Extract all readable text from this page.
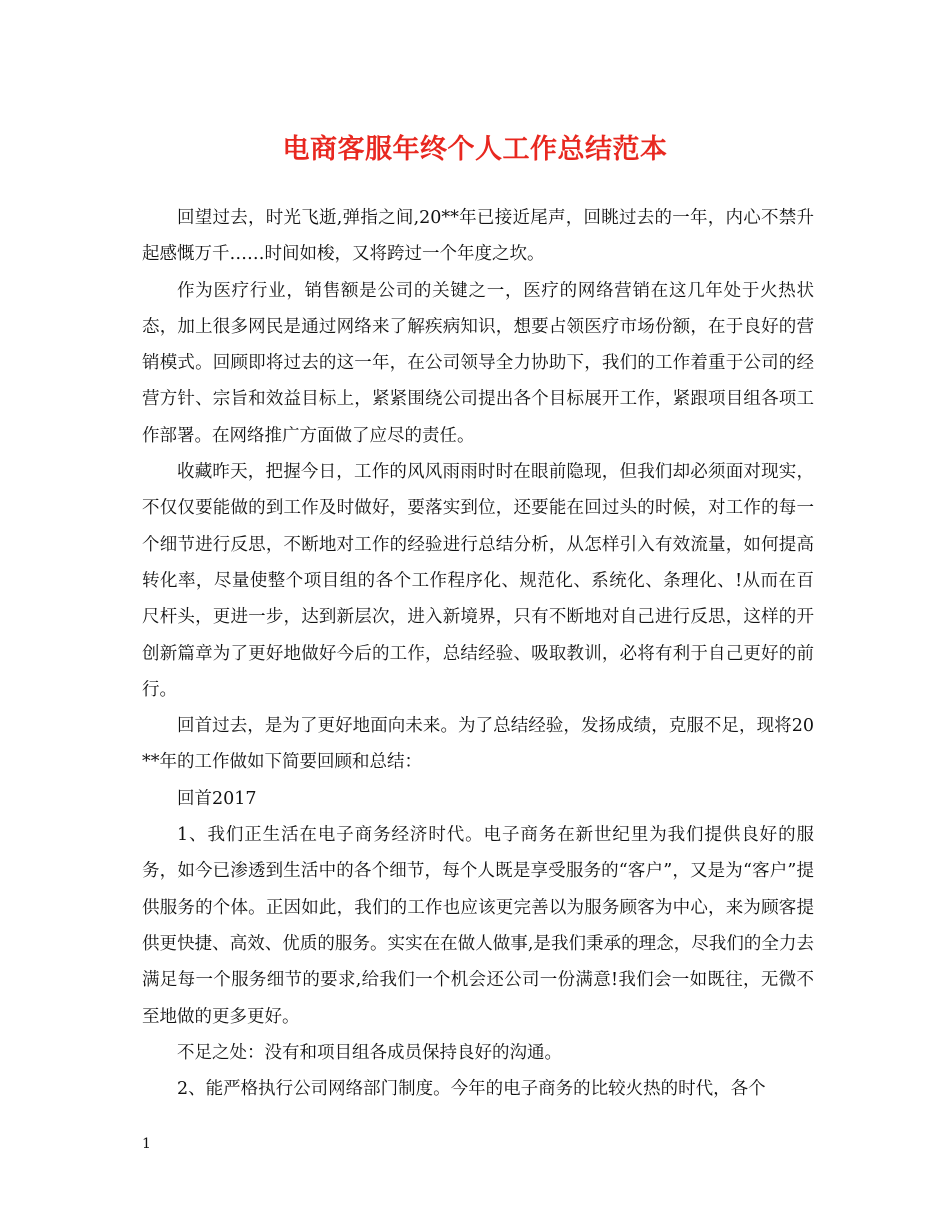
电商客服年终个人工作总结范本

回望过去，时光飞逝,弹指之间,20**年已接近尾声，回眺过去的一年，内心不禁升起感慨万千……时间如梭，又将跨过一个年度之坎。

作为医疗行业，销售额是公司的关键之一，医疗的网络营销在这几年处于火热状态，加上很多网民是通过网络来了解疾病知识，想要占领医疗市场份额，在于良好的营销模式。回顾即将过去的这一年，在公司领导全力协助下，我们的工作着重于公司的经营方针、宗旨和效益目标上，紧紧围绕公司提出各个目标展开工作，紧跟项目组各项工作部署。在网络推广方面做了应尽的责任。

收藏昨天，把握今日，工作的风风雨雨时时在眼前隐现，但我们却必须面对现实，不仅仅要能做的到工作及时做好，要落实到位，还要能在回过头的时候，对工作的每一个细节进行反思，不断地对工作的经验进行总结分析，从怎样引入有效流量，如何提高转化率，尽量使整个项目组的各个工作程序化、规范化、系统化、条理化、!从而在百尺杆头，更进一步，达到新层次，进入新境界，只有不断地对自己进行反思，这样的开创新篇章为了更好地做好今后的工作，总结经验、吸取教训，必将有利于自己更好的前行。

回首过去，是为了更好地面向未来。为了总结经验，发扬成绩，克服不足，现将20**年的工作做如下简要回顾和总结：

回首2017

1、我们正生活在电子商务经济时代。电子商务在新世纪里为我们提供良好的服务，如今已渗透到生活中的各个细节，每个人既是享受服务的“客户”，又是为“客户”提供服务的个体。正因如此，我们的工作也应该更完善以为服务顾客为中心，来为顾客提供更快捷、高效、优质的服务。实实在在做人做事,是我们秉承的理念，尽我们的全力去满足每一个服务细节的要求,给我们一个机会还公司一份满意!我们会一如既往，无微不至地做的更多更好。

不足之处：没有和项目组各成员保持良好的沟通。

2、能严格执行公司网络部门制度。今年的电子商务的比较火热的时代，各个

1
